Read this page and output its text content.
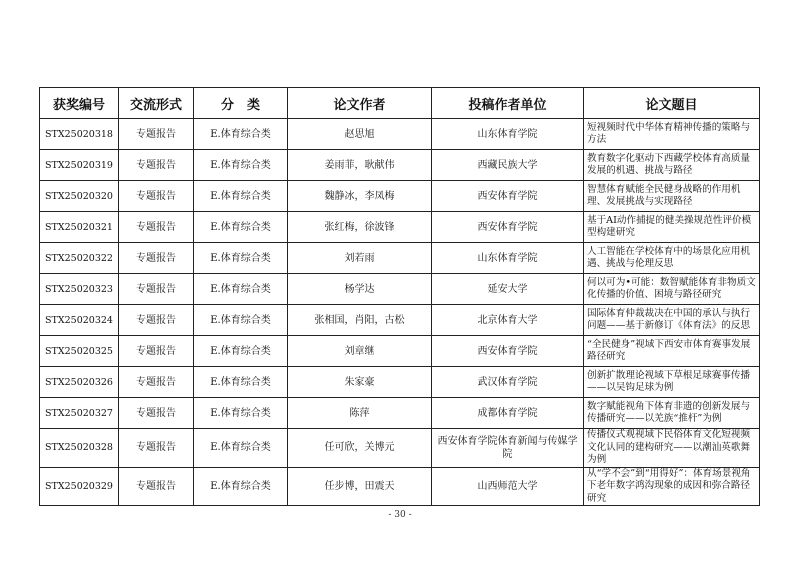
获奖编号	交流形式	分　类	论文作者	投稿作者单位	论文题目
STX25020318	专题报告	E.体育综合类	赵思旭	山东体育学院	短视频时代中华体育精神传播的策略与方法
STX25020319	专题报告	E.体育综合类	姜雨菲，耿献伟	西藏民族大学	教育数字化驱动下西藏学校体育高质量发展的机遇、挑战与路径
STX25020320	专题报告	E.体育综合类	魏静冰，李凤梅	西安体育学院	智慧体育赋能全民健身战略的作用机理、发展挑战与实现路径
STX25020321	专题报告	E.体育综合类	张红梅，徐波锋	西安体育学院	基于AI动作捕捉的健美操规范性评价模型构建研究
STX25020322	专题报告	E.体育综合类	刘若雨	山东体育学院	人工智能在学校体育中的场景化应用机遇、挑战与伦理反思
STX25020323	专题报告	E.体育综合类	杨学达	延安大学	何以可为•可能：数智赋能体育非物质文化传播的价值、困境与路径研究
STX25020324	专题报告	E.体育综合类	张相国，肖阳，古松	北京体育大学	国际体育仲裁裁决在中国的承认与执行问题——基于新修订《体育法》的反思
STX25020325	专题报告	E.体育综合类	刘章继	西安体育学院	“全民健身”视域下西安市体育赛事发展路径研究
STX25020326	专题报告	E.体育综合类	朱家豪	武汉体育学院	创新扩散理论视域下草根足球赛事传播——以吴钩足球为例
STX25020327	专题报告	E.体育综合类	陈萍	成都体育学院	数字赋能视角下体育非遗的创新发展与传播研究——以羌族“推杆”为例
STX25020328	专题报告	E.体育综合类	任可欣，关博元	西安体育学院体育新闻与传媒学院	传播仪式观视域下民俗体育文化短视频文化认同的建构研究——以潮汕英歌舞为例
STX25020329	专题报告	E.体育综合类	任步博，田震天	山西师范大学	从“学不会”到“用得好”：体育场景视角下老年数字鸿沟现象的成因和弥合路径研究
- 30 -
